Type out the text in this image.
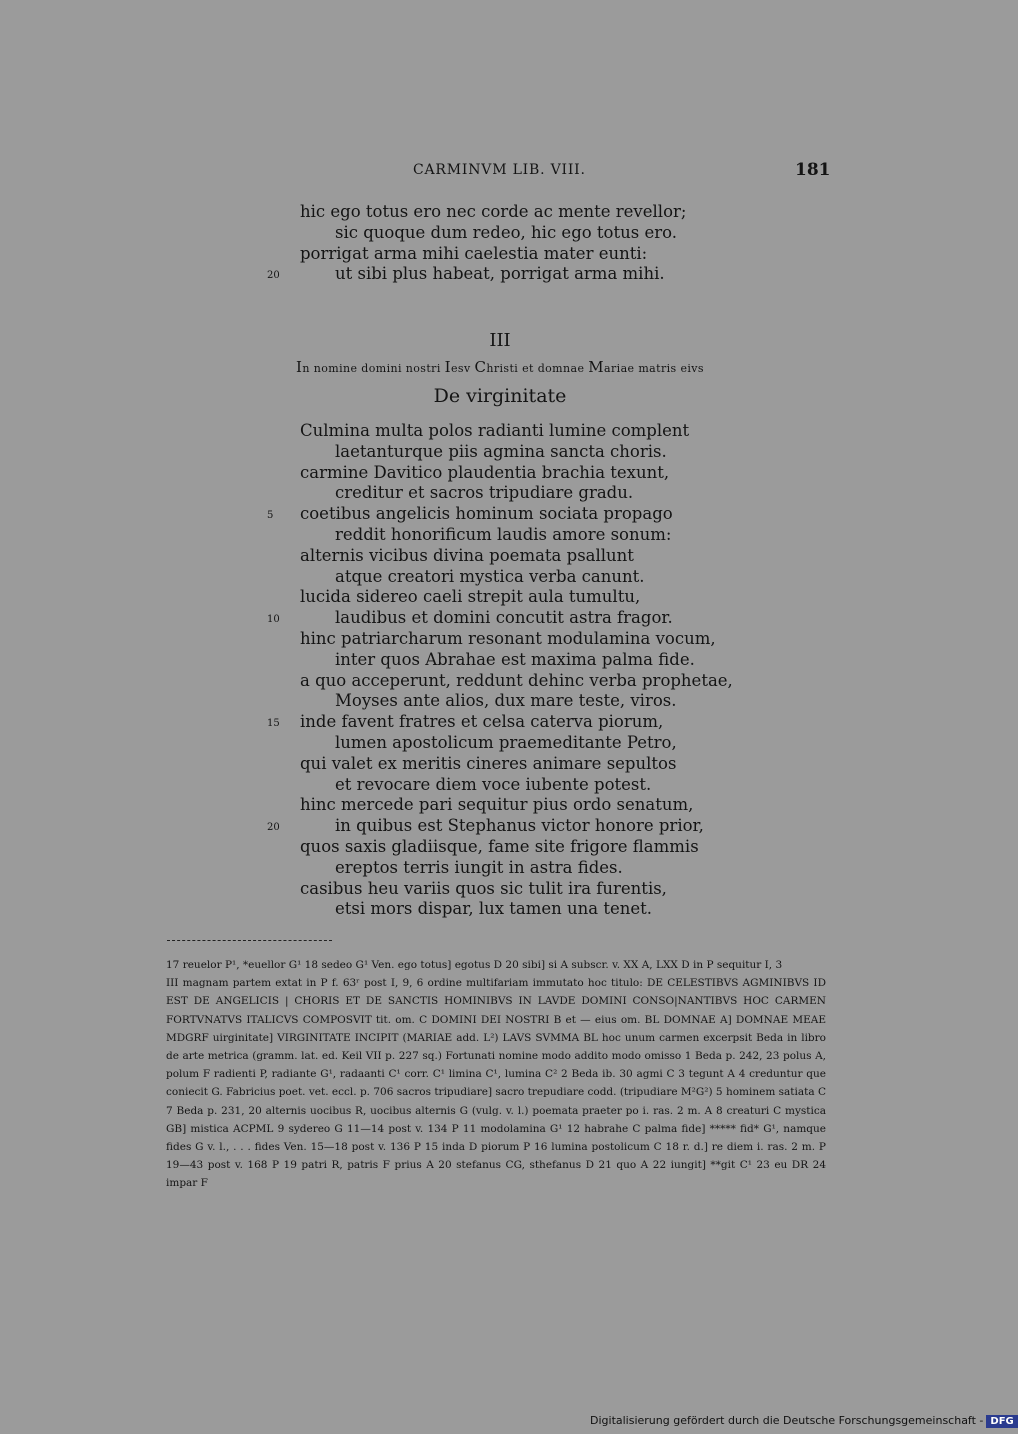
CARMINVM LIB. VIII.	181
hic ego totus ero nec corde ac mente revellor;
sic quoque dum redeo, hic ego totus ero.
porrigat arma mihi caelestia mater eunti:
20	ut sibi plus habeat, porrigat arma mihi.
III
In nomine domini nostri Iesv Christi et domnae Mariae matris eivs
De virginitate
Culmina multa polos radianti lumine complent
laetanturque piis agmina sancta choris.
carmine Davitico plaudentia brachia texunt,
creditur et sacros tripudiare gradu.
5 coetibus angelicis hominum sociata propago
reddit honorificum laudis amore sonum:
alternis vicibus divina poemata psallunt
atque creatori mystica verba canunt.
lucida sidereo caeli strepit aula tumultu,
10	laudibus et domini concutit astra fragor.
hinc patriarcharum resonant modulamina vocum,
inter quos Abrahae est maxima palma fide.
a quo acceperunt, reddunt dehinc verba prophetae,
Moyses ante alios, dux mare teste, viros.
15 inde favent fratres et celsa caterva piorum,
lumen apostolicum praemeditante Petro,
qui valet ex meritis cineres animare sepultos
et revocare diem voce iubente potest.
hinc mercede pari sequitur pius ordo senatum,
20	in quibus est Stephanus victor honore prior,
quos saxis gladiisque, fame site frigore flammis
ereptos terris iungit in astra fides.
casibus heu variis quos sic tulit ira furentis,
etsi mors dispar, lux tamen una tenet.

17 reuelor P¹, *euellor G¹ 18 sedeo G¹ Ven. ego totus] egotus D 20 sibi] si A subscr. v. XX A, LXX D in P sequitur I, 3

III magnam partem extat in P f. 63ʳ post I, 9, 6 ordine multifariam immutato hoc titulo: DE CELESTIBVS AGMINIBVS ID EST DE ANGELICIS | CHORIS ET DE SANCTIS HOMINIBVS IN LAVDE DOMINI CONSO|NANTIBVS HOC CARMEN FORTVNATVS ITALICVS COMPOSVIT tit. om. C DOMINI DEI NOSTRI B et — eius om. BL DOMNAE A] DOMNAE MEAE MDGRF uirginitate] VIRGINITATE INCIPIT (MARIAE add. L²) LAVS SVMMA BL hoc unum carmen excerpsit Beda in libro de arte metrica (gramm. lat. ed. Keil VII p. 227 sq.) Fortunati nomine modo addito modo omisso 1 Beda p. 242, 23 polus A, polum F radienti P, radiante G¹, radaanti C¹ corr. C¹ limina C¹, lumina C² 2 Beda ib. 30 agmi C 3 tegunt A 4 creduntur que coniecit G. Fabricius poet. vet. eccl. p. 706 sacros tripudiare] sacro trepudiare codd. (tripudiare M²G²) 5 hominem satiata C 7 Beda p. 231, 20 alternis uocibus R, uocibus alternis G (vulg. v. l.) poemata praeter po i. ras. 2 m. A 8 creaturi C mystica GB] mistica ACPML 9 sydereo G 11—14 post v. 134 P 11 modolamina G¹ 12 habrahe C palma fide] ***** fid* G¹, namque fides G v. l., . . . fides Ven. 15—18 post v. 136 P 15 inda D piorum P 16 lumina postolicum C 18 r. d.] re diem i. ras. 2 m. P 19—43 post v. 168 P 19 patri R, patris F prius A 20 stefanus CG, sthefanus D 21 quo A 22 iungit] **git C¹ 23 eu DR 24 impar F

Digitalisierung gefördert durch die Deutsche Forschungsgemeinschaft - DFG
